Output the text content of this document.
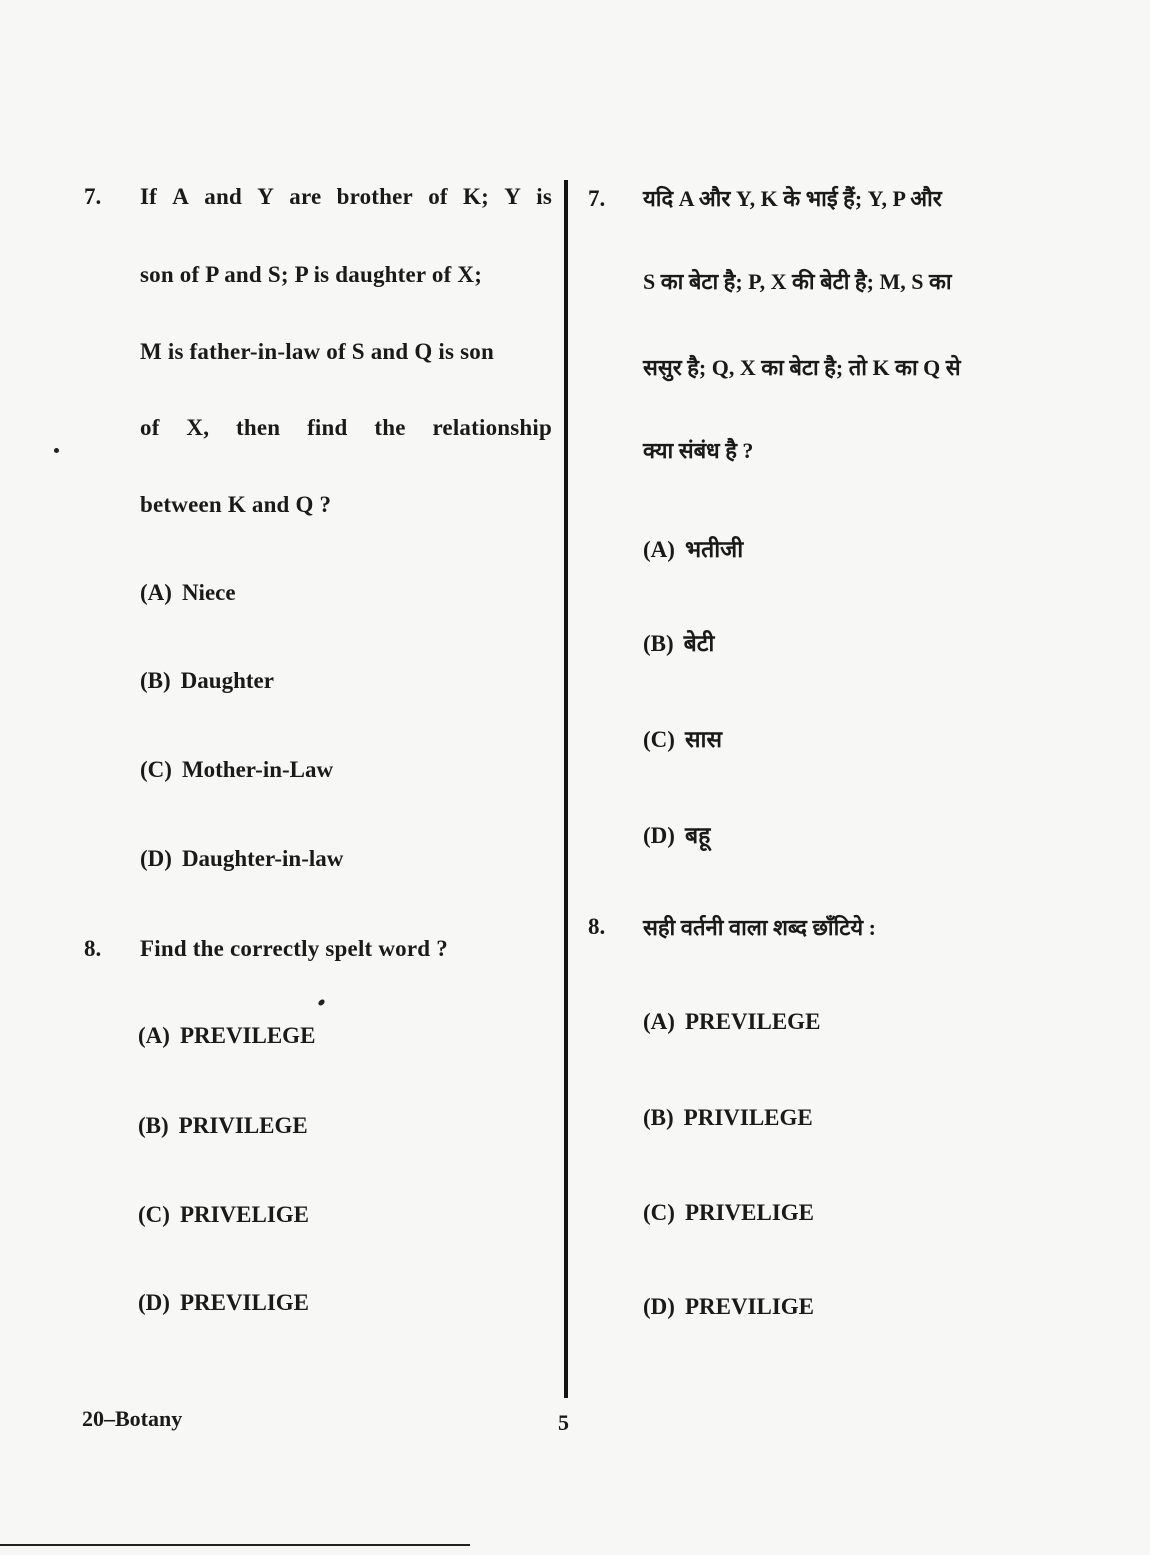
7. If A and Y are brother of K; Y is
son of P and S; P is daughter of X;
M is father-in-law of S and Q is son
of X, then find the relationship
between K and Q ?
(A) Niece
(B) Daughter
(C) Mother-in-Law
(D) Daughter-in-law
8. Find the correctly spelt word ?
(A) PREVILEGE
(B) PRIVILEGE
(C) PRIVELIGE
(D) PREVILIGE
7. यदि A और Y, K के भाई हैं; Y, P और
S का बेटा है; P, X की बेटी है; M, S का
ससुर है; Q, X का बेटा है; तो K का Q से
क्या संबंध है ?
(A) भतीजी
(B) बेटी
(C) सास
(D) बहू
8. सही वर्तनी वाला शब्द छाँटिये :
(A) PREVILEGE
(B) PRIVILEGE
(C) PRIVELIGE
(D) PREVILIGE
20–Botany	5
